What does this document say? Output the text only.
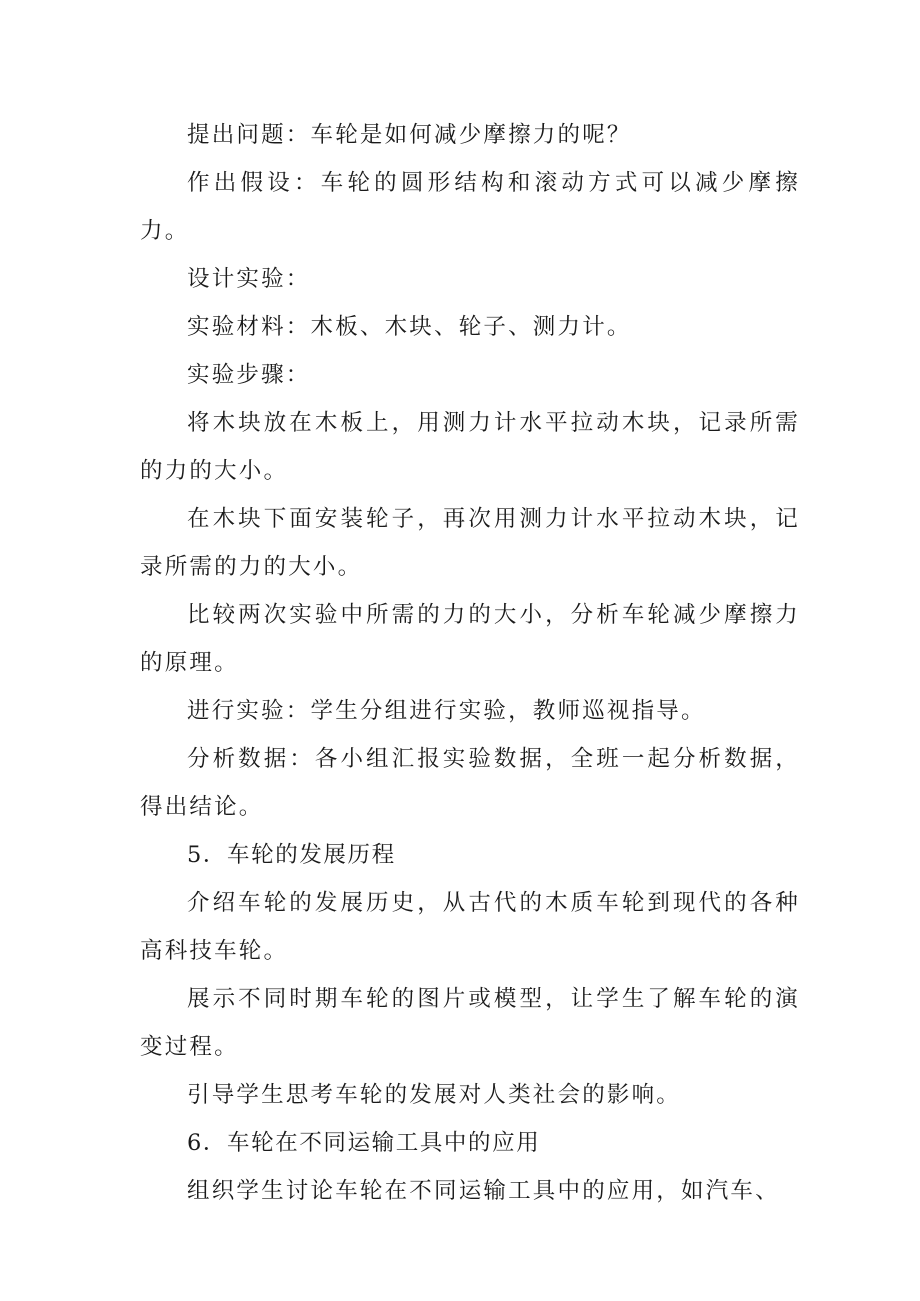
提出问题：车轮是如何减少摩擦力的呢？

作出假设：车轮的圆形结构和滚动方式可以减少摩擦力。

设计实验：

实验材料：木板、木块、轮子、测力计。

实验步骤：

将木块放在木板上，用测力计水平拉动木块，记录所需的力的大小。

在木块下面安装轮子，再次用测力计水平拉动木块，记录所需的力的大小。

比较两次实验中所需的力的大小，分析车轮减少摩擦力的原理。

进行实验：学生分组进行实验，教师巡视指导。

分析数据：各小组汇报实验数据，全班一起分析数据，得出结论。

5．车轮的发展历程

介绍车轮的发展历史，从古代的木质车轮到现代的各种高科技车轮。

展示不同时期车轮的图片或模型，让学生了解车轮的演变过程。

引导学生思考车轮的发展对人类社会的影响。

6．车轮在不同运输工具中的应用

组织学生讨论车轮在不同运输工具中的应用，如汽车、
